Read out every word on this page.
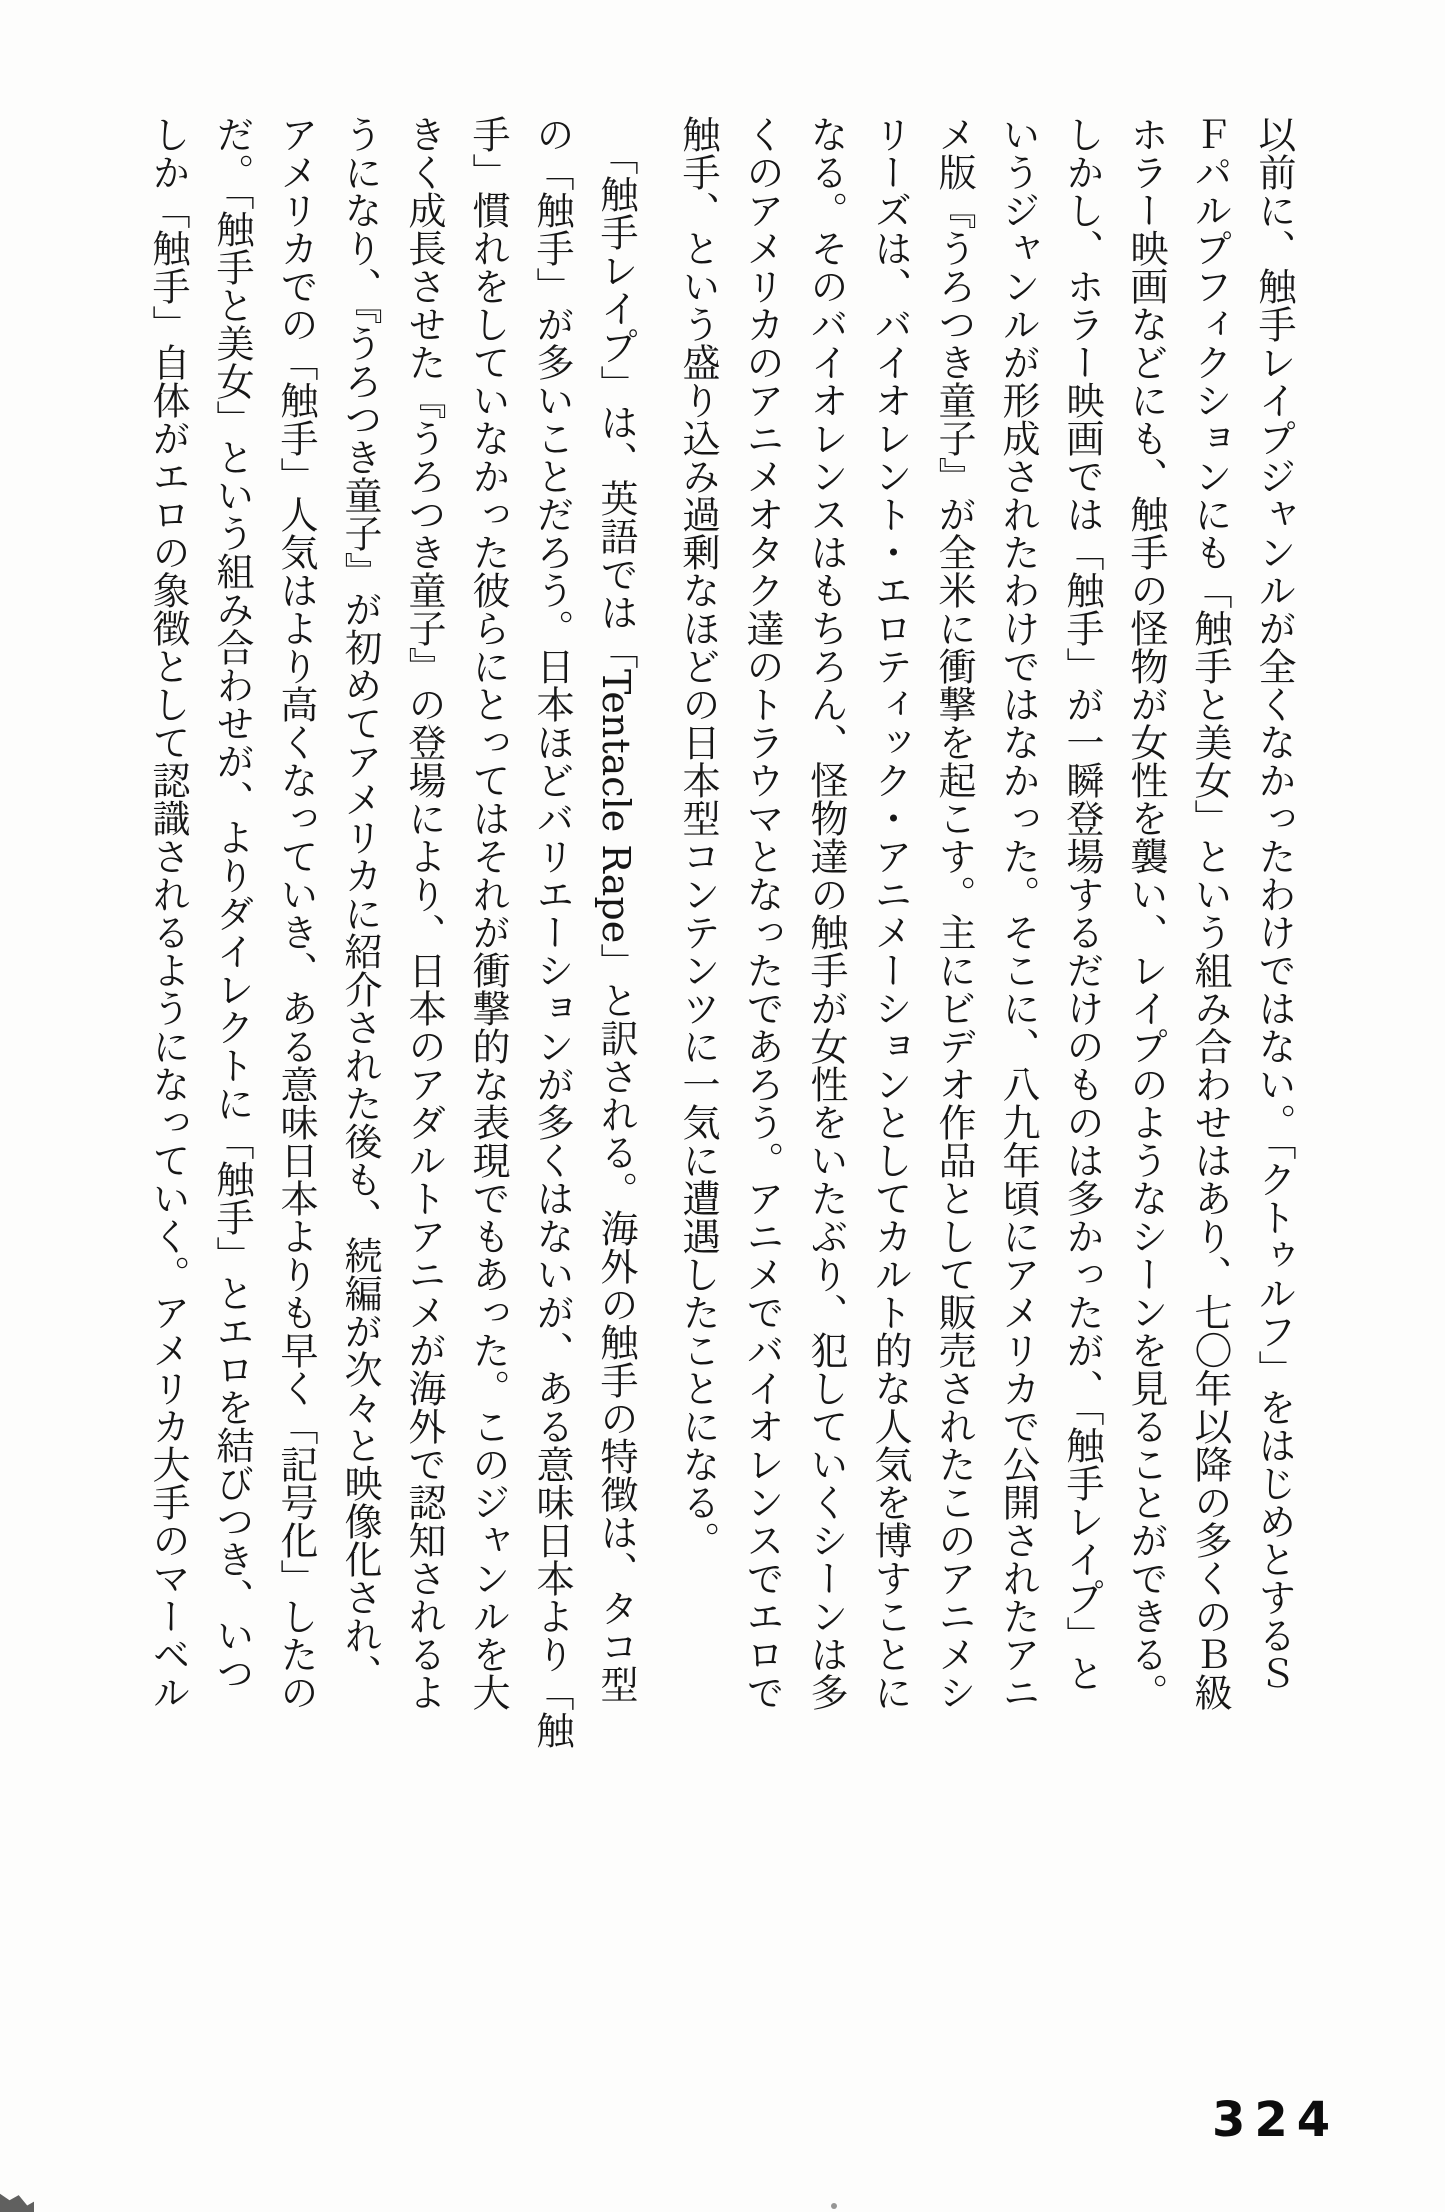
以前に、触手レイプジャンルが全くなかったわけではない。「クトゥルフ」をはじめとするＳ
Ｆパルプフィクションにも「触手と美女」という組み合わせはあり、七〇年以降の多くのＢ級
ホラー映画などにも、触手の怪物が女性を襲い、レイプのようなシーンを見ることができる。
しかし、ホラー映画では「触手」が一瞬登場するだけのものは多かったが、「触手レイプ」と
いうジャンルが形成されたわけではなかった。そこに、八九年頃にアメリカで公開されたアニ
メ版『うろつき童子』が全米に衝撃を起こす。主にビデオ作品として販売されたこのアニメシ
リーズは、バイオレント・エロティック・アニメーションとしてカルト的な人気を博すことに
なる。そのバイオレンスはもちろん、怪物達の触手が女性をいたぶり、犯していくシーンは多
くのアメリカのアニメオタク達のトラウマとなったであろう。アニメでバイオレンスでエロで
触手、という盛り込み過剰なほどの日本型コンテンツに一気に遭遇したことになる。
「触手レイプ」は、英語では「Tentacle Rape」と訳される。海外の触手の特徴は、タコ型
の「触手」が多いことだろう。日本ほどバリエーションが多くはないが、ある意味日本より「触
手」慣れをしていなかった彼らにとってはそれが衝撃的な表現でもあった。このジャンルを大
きく成長させた『うろつき童子』の登場により、日本のアダルトアニメが海外で認知されるよ
うになり、『うろつき童子』が初めてアメリカに紹介された後も、続編が次々と映像化され、
アメリカでの「触手」人気はより高くなっていき、ある意味日本よりも早く「記号化」したの
だ。「触手と美女」という組み合わせが、よりダイレクトに「触手」とエロを結びつき、いつ
しか「触手」自体がエロの象徴として認識されるようになっていく。アメリカ大手のマーベル
324
